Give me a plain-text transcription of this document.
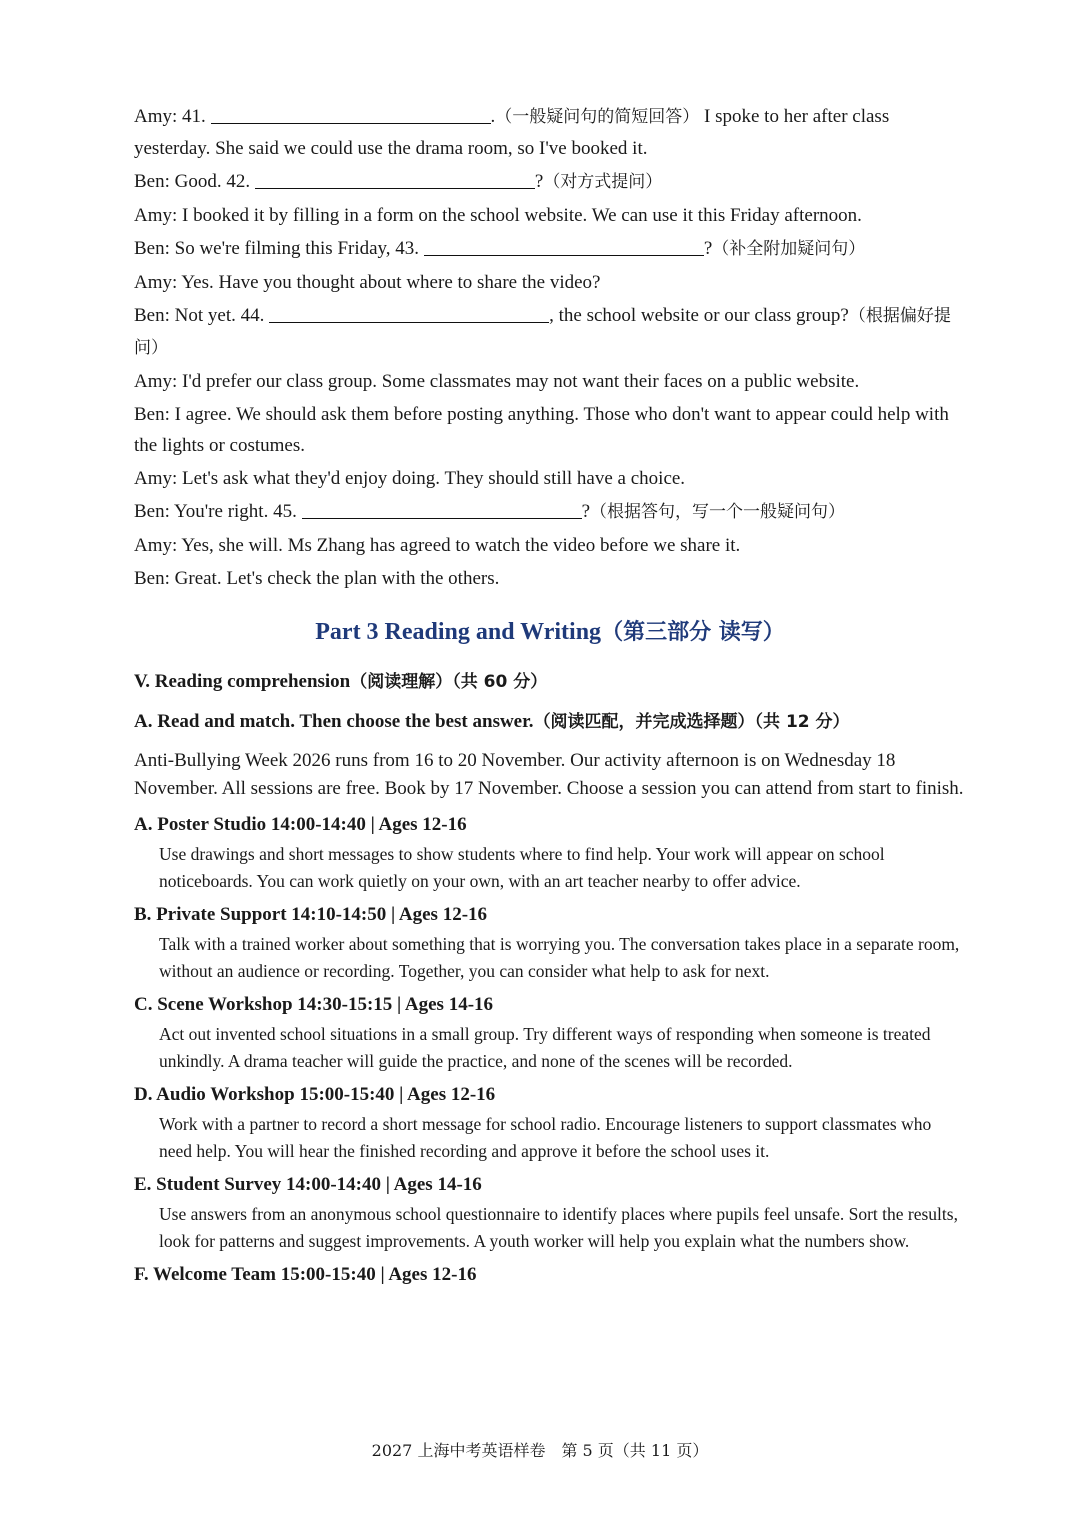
Amy: 41.	.（一般疑问句的简短回答） I spoke to her after class yesterday. She said we could use the drama room, so I've booked it.
Ben: Good. 42.	?（对方式提问）
Amy: I booked it by filling in a form on the school website. We can use it this Friday afternoon.
Ben: So we're filming this Friday, 43.	?（补全附加疑问句）
Amy: Yes. Have you thought about where to share the video?
Ben: Not yet. 44.	, the school website or our class group?（根据偏好提问）
Amy: I'd prefer our class group. Some classmates may not want their faces on a public website.
Ben: I agree. We should ask them before posting anything. Those who don't want to appear could help with the lights or costumes.
Amy: Let's ask what they'd enjoy doing. They should still have a choice.
Ben: You're right. 45.	?（根据答句，写一个一般疑问句）
Amy: Yes, she will. Ms Zhang has agreed to watch the video before we share it.
Ben: Great. Let's check the plan with the others.
Part 3 Reading and Writing（第三部分 读写）
V. Reading comprehension（阅读理解）（共 60 分）
A. Read and match. Then choose the best answer.（阅读匹配，并完成选择题）（共 12 分）
Anti-Bullying Week 2026 runs from 16 to 20 November. Our activity afternoon is on Wednesday 18 November. All sessions are free. Book by 17 November. Choose a session you can attend from start to finish.
A. Poster Studio 14:00-14:40 | Ages 12-16
Use drawings and short messages to show students where to find help. Your work will appear on school noticeboards. You can work quietly on your own, with an art teacher nearby to offer advice.
B. Private Support 14:10-14:50 | Ages 12-16
Talk with a trained worker about something that is worrying you. The conversation takes place in a separate room, without an audience or recording. Together, you can consider what help to ask for next.
C. Scene Workshop 14:30-15:15 | Ages 14-16
Act out invented school situations in a small group. Try different ways of responding when someone is treated unkindly. A drama teacher will guide the practice, and none of the scenes will be recorded.
D. Audio Workshop 15:00-15:40 | Ages 12-16
Work with a partner to record a short message for school radio. Encourage listeners to support classmates who need help. You will hear the finished recording and approve it before the school uses it.
E. Student Survey 14:00-14:40 | Ages 14-16
Use answers from an anonymous school questionnaire to identify places where pupils feel unsafe. Sort the results, look for patterns and suggest improvements. A youth worker will help you explain what the numbers show.
F. Welcome Team 15:00-15:40 | Ages 12-16
2027 上海中考英语样卷　第 5 页（共 11 页）
